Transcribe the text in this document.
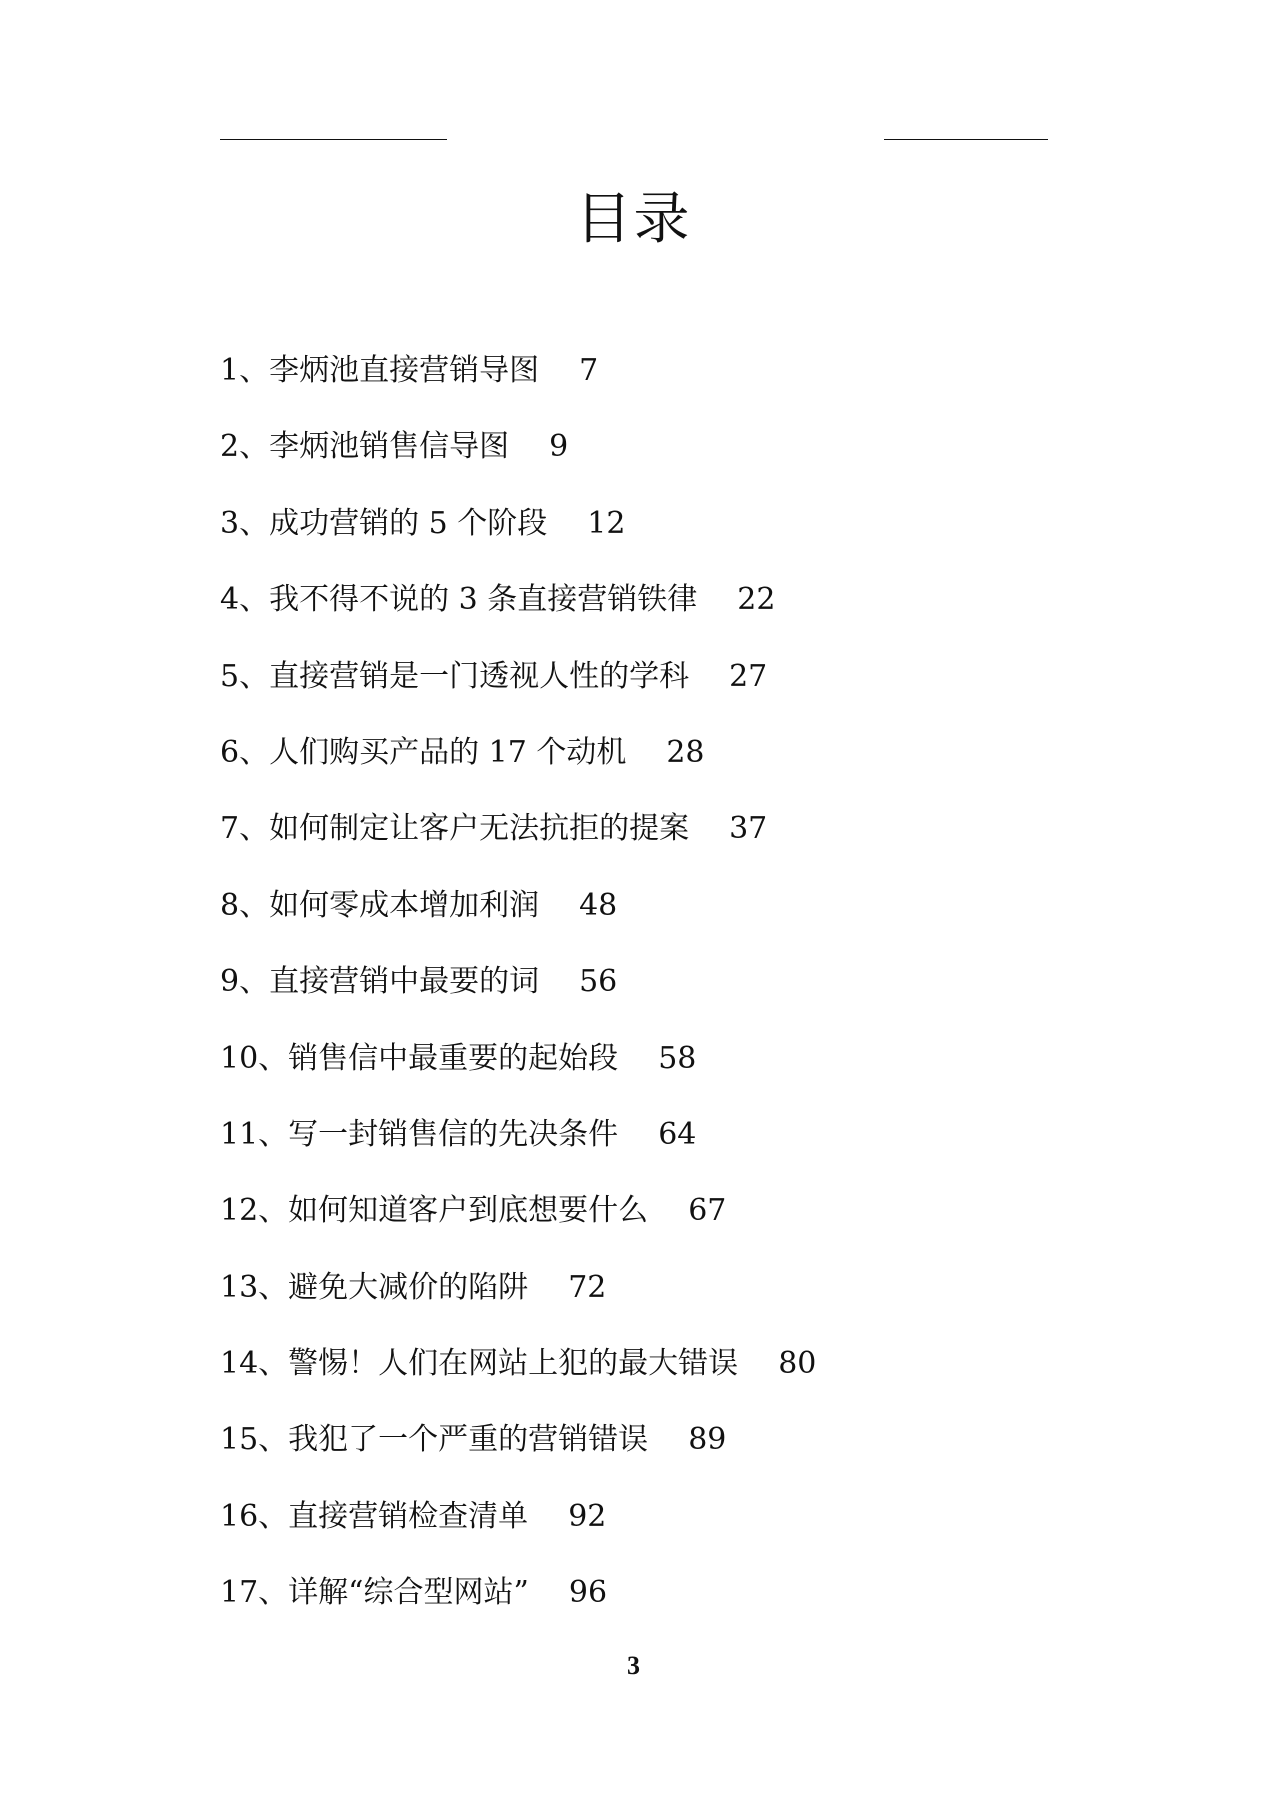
目录
1、李炳池直接营销导图 7
2、李炳池销售信导图 9
3、成功营销的 5 个阶段 12
4、我不得不说的 3 条直接营销铁律 22
5、直接营销是一门透视人性的学科 27
6、人们购买产品的 17 个动机 28
7、如何制定让客户无法抗拒的提案 37
8、如何零成本增加利润 48
9、直接营销中最要的词 56
10、销售信中最重要的起始段 58
11、写一封销售信的先决条件 64
12、如何知道客户到底想要什么 67
13、避免大减价的陷阱 72
14、警惕！人们在网站上犯的最大错误 80
15、我犯了一个严重的营销错误 89
16、直接营销检查清单 92
17、详解“综合型网站” 96
3
